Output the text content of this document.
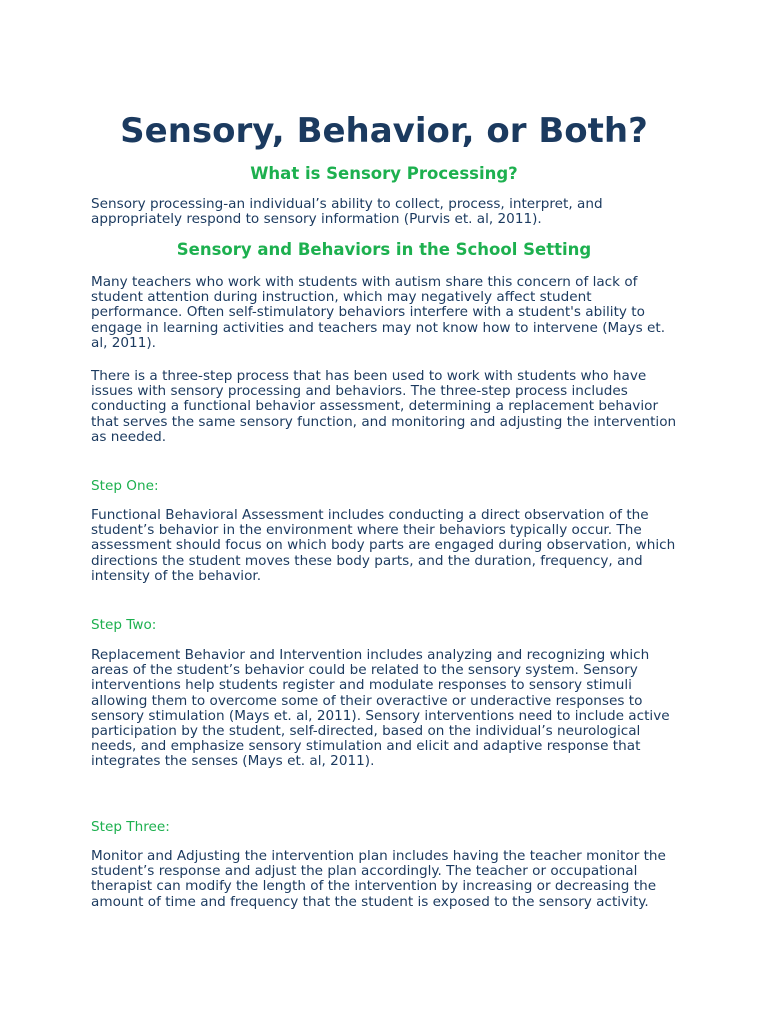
Sensory, Behavior, or Both?
What is Sensory Processing?

Sensory processing-an individual’s ability to collect, process, interpret, and appropriately respond to sensory information (Purvis et. al, 2011).

Sensory and Behaviors in the School Setting

Many teachers who work with students with autism share this concern of lack of student attention during instruction, which may negatively affect student performance. Often self-stimulatory behaviors interfere with a student's ability to engage in learning activities and teachers may not know how to intervene (Mays et. al, 2011).

There is a three-step process that has been used to work with students who have issues with sensory processing and behaviors. The three-step process includes conducting a functional behavior assessment, determining a replacement behavior that serves the same sensory function, and monitoring and adjusting the intervention as needed.

Step One:

Functional Behavioral Assessment includes conducting a direct observation of the student’s behavior in the environment where their behaviors typically occur. The assessment should focus on which body parts are engaged during observation, which directions the student moves these body parts, and the duration, frequency, and intensity of the behavior.

Step Two:

Replacement Behavior and Intervention includes analyzing and recognizing which areas of the student’s behavior could be related to the sensory system. Sensory interventions help students register and modulate responses to sensory stimuli allowing them to overcome some of their overactive or underactive responses to sensory stimulation (Mays et. al, 2011). Sensory interventions need to include active participation by the student, self-directed, based on the individual’s neurological needs, and emphasize sensory stimulation and elicit and adaptive response that integrates the senses (Mays et. al, 2011).

Step Three:

Monitor and Adjusting the intervention plan includes having the teacher monitor the student’s response and adjust the plan accordingly. The teacher or occupational therapist can modify the length of the intervention by increasing or decreasing the amount of time and frequency that the student is exposed to the sensory activity.
